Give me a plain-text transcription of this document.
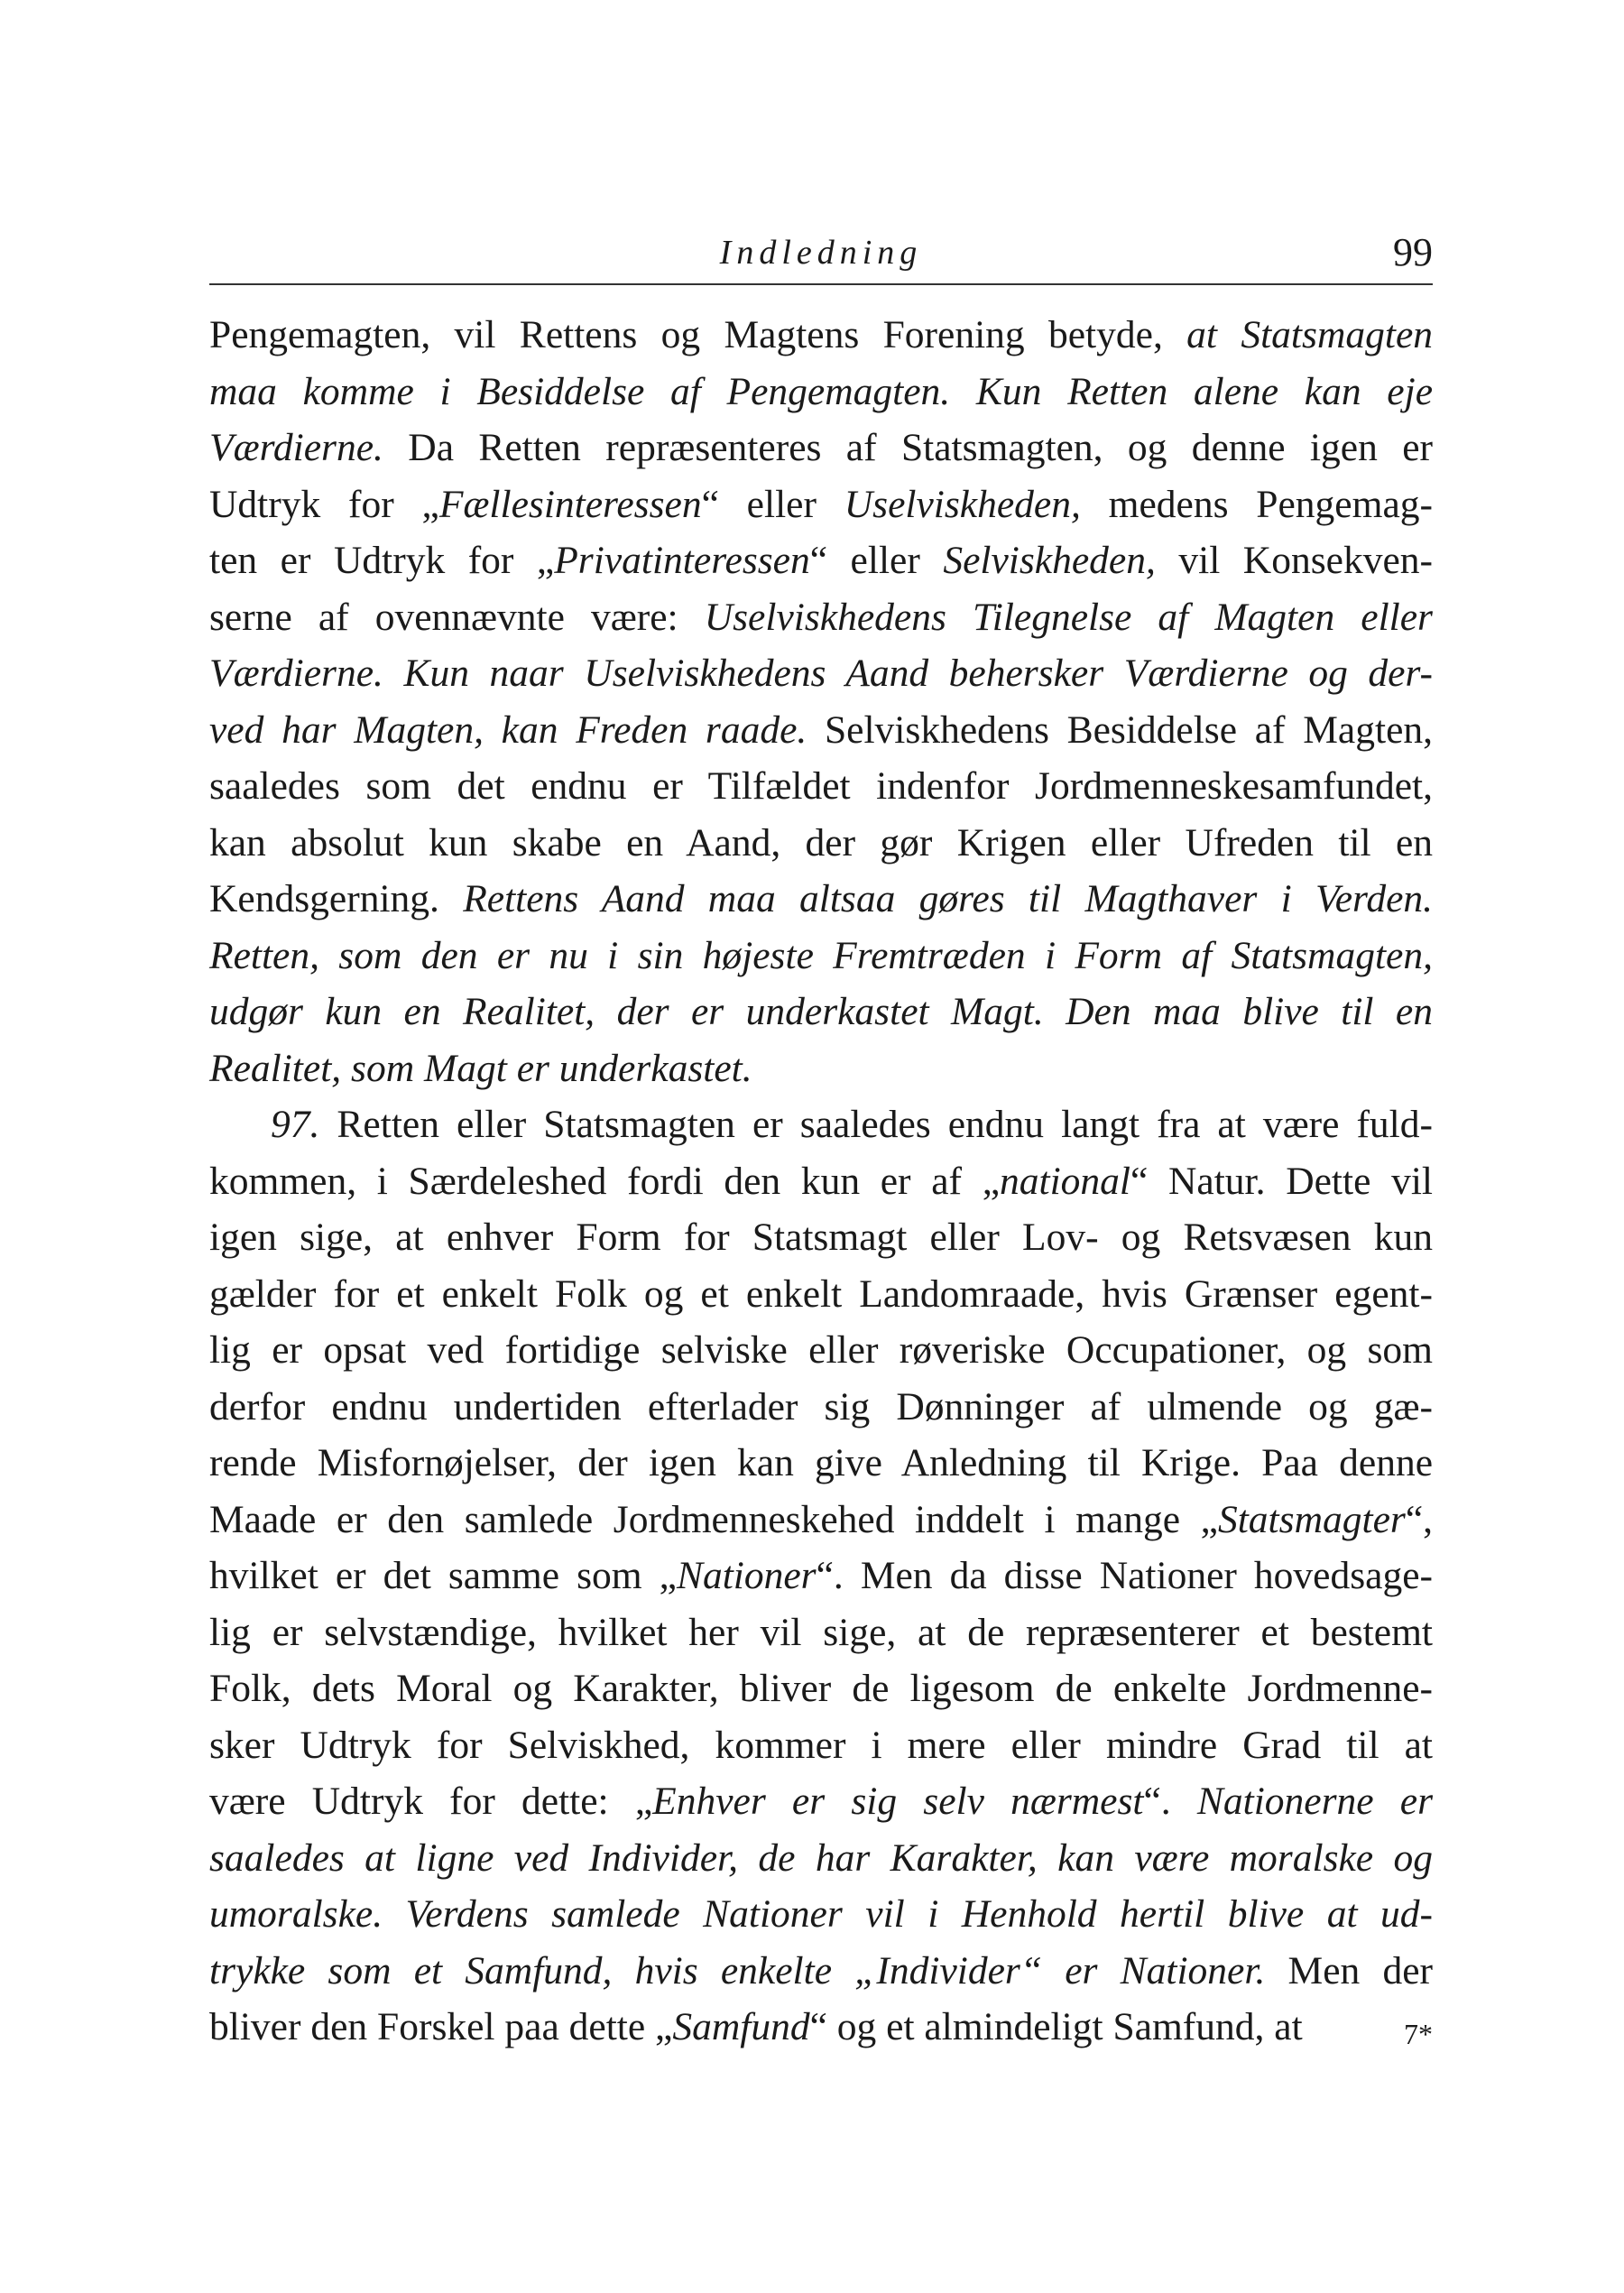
Indledning	99
Pengemagten, vil Rettens og Magtens Forening betyde, at Statsmagten
maa komme i Besiddelse af Pengemagten. Kun Retten alene kan eje
Værdierne. Da Retten repræsenteres af Statsmagten, og denne igen er
Udtryk for „Fællesinteressen“ eller Uselviskheden, medens Pengemag-
ten er Udtryk for „Privatinteressen“ eller Selviskheden, vil Konsekven-
serne af ovennævnte være: Uselviskhedens Tilegnelse af Magten eller
Værdierne. Kun naar Uselviskhedens Aand behersker Værdierne og der-
ved har Magten, kan Freden raade. Selviskhedens Besiddelse af Magten,
saaledes som det endnu er Tilfældet indenfor Jordmenneskesamfundet,
kan absolut kun skabe en Aand, der gør Krigen eller Ufreden til en
Kendsgerning. Rettens Aand maa altsaa gøres til Magthaver i Verden.
Retten, som den er nu i sin højeste Fremtræden i Form af Statsmagten,
udgør kun en Realitet, der er underkastet Magt. Den maa blive til en
Realitet, som Magt er underkastet.
97. Retten eller Statsmagten er saaledes endnu langt fra at være fuld-
kommen, i Særdeleshed fordi den kun er af „national“ Natur. Dette vil
igen sige, at enhver Form for Statsmagt eller Lov- og Retsvæsen kun
gælder for et enkelt Folk og et enkelt Landomraade, hvis Grænser egent-
lig er opsat ved fortidige selviske eller røveriske Occupationer, og som
derfor endnu undertiden efterlader sig Dønninger af ulmende og gæ-
rende Misfornøjelser, der igen kan give Anledning til Krige. Paa denne
Maade er den samlede Jordmenneskehed inddelt i mange „Statsmagter“,
hvilket er det samme som „Nationer“. Men da disse Nationer hovedsage-
lig er selvstændige, hvilket her vil sige, at de repræsenterer et bestemt
Folk, dets Moral og Karakter, bliver de ligesom de enkelte Jordmenne-
sker Udtryk for Selviskhed, kommer i mere eller mindre Grad til at
være Udtryk for dette: „Enhver er sig selv nærmest“. Nationerne er
saaledes at ligne ved Individer, de har Karakter, kan være moralske og
umoralske. Verdens samlede Nationer vil i Henhold hertil blive at ud-
trykke som et Samfund, hvis enkelte „Individer“ er Nationer. Men der
bliver den Forskel paa dette „Samfund“ og et almindeligt Samfund, at	7*
